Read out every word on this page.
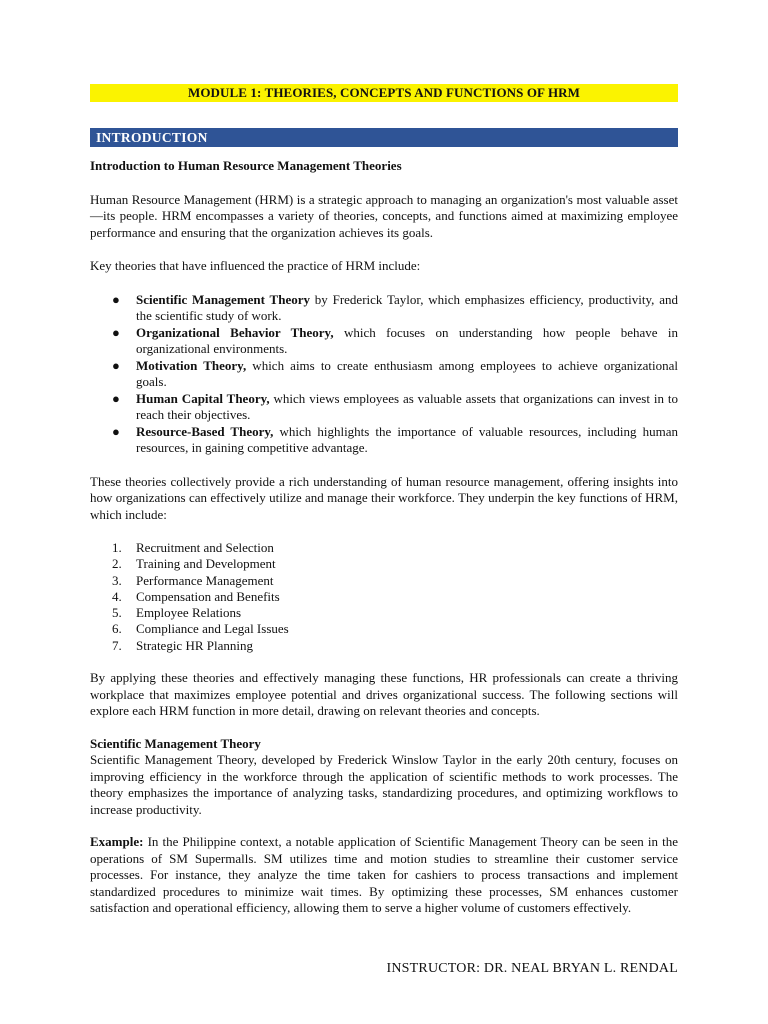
MODULE 1: THEORIES, CONCEPTS AND FUNCTIONS OF HRM
INTRODUCTION
Introduction to Human Resource Management Theories

Human Resource Management (HRM) is a strategic approach to managing an organization's most valuable asset—its people. HRM encompasses a variety of theories, concepts, and functions aimed at maximizing employee performance and ensuring that the organization achieves its goals.

Key theories that have influenced the practice of HRM include:

● Scientific Management Theory by Frederick Taylor, which emphasizes efficiency, productivity, and the scientific study of work.
● Organizational Behavior Theory, which focuses on understanding how people behave in organizational environments.
● Motivation Theory, which aims to create enthusiasm among employees to achieve organizational goals.
● Human Capital Theory, which views employees as valuable assets that organizations can invest in to reach their objectives.
● Resource-Based Theory, which highlights the importance of valuable resources, including human resources, in gaining competitive advantage.

These theories collectively provide a rich understanding of human resource management, offering insights into how organizations can effectively utilize and manage their workforce. They underpin the key functions of HRM, which include:

1. Recruitment and Selection
2. Training and Development
3. Performance Management
4. Compensation and Benefits
5. Employee Relations
6. Compliance and Legal Issues
7. Strategic HR Planning

By applying these theories and effectively managing these functions, HR professionals can create a thriving workplace that maximizes employee potential and drives organizational success. The following sections will explore each HRM function in more detail, drawing on relevant theories and concepts.

Scientific Management Theory

Scientific Management Theory, developed by Frederick Winslow Taylor in the early 20th century, focuses on improving efficiency in the workforce through the application of scientific methods to work processes. The theory emphasizes the importance of analyzing tasks, standardizing procedures, and optimizing workflows to increase productivity.

Example: In the Philippine context, a notable application of Scientific Management Theory can be seen in the operations of SM Supermalls. SM utilizes time and motion studies to streamline their customer service processes. For instance, they analyze the time taken for cashiers to process transactions and implement standardized procedures to minimize wait times. By optimizing these processes, SM enhances customer satisfaction and operational efficiency, allowing them to serve a higher volume of customers effectively.

INSTRUCTOR: DR. NEAL BRYAN L. RENDAL
